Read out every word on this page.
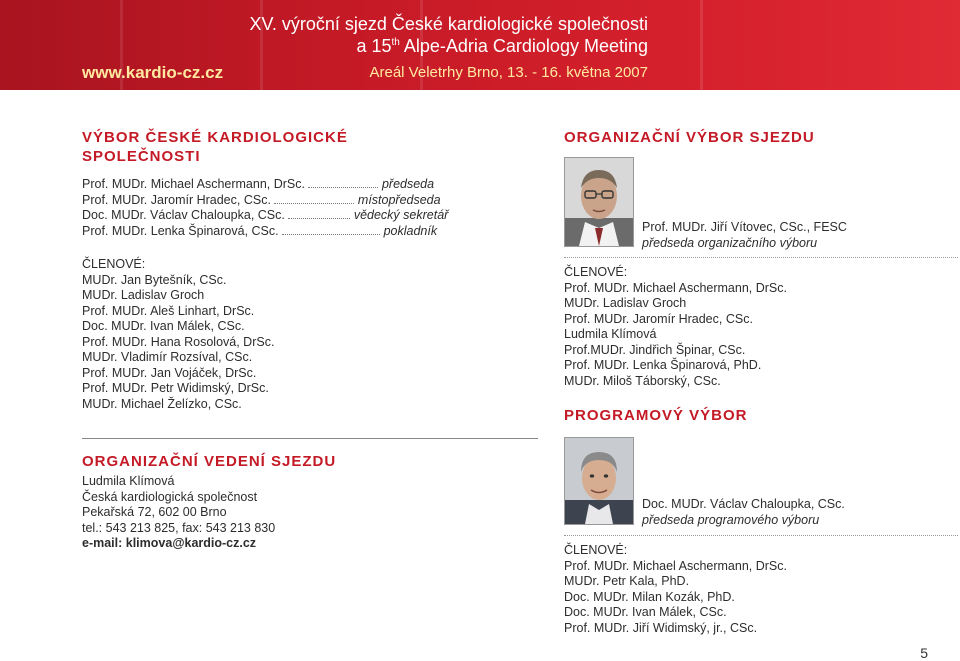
XV. výroční sjezd České kardiologické společnosti
a 15th Alpe-Adria Cardiology Meeting
www.kardio-cz.cz	Areál Veletrhy Brno, 13. - 16. května 2007
VÝBOR ČESKÉ KARDIOLOGICKÉ
SPOLEČNOSTI
Prof. MUDr. Michael Aschermann, DrSc.	předseda
Prof. MUDr. Jaromír Hradec, CSc.	místopředseda
Doc. MUDr. Václav Chaloupka, CSc.	vědecký sekretář
Prof. MUDr. Lenka Špinarová, CSc.	pokladník
ČLENOVÉ:
MUDr. Jan Bytešník, CSc.
MUDr. Ladislav Groch
Prof. MUDr. Aleš Linhart, DrSc.
Doc. MUDr. Ivan Málek, CSc.
Prof. MUDr. Hana Rosolová, DrSc.
MUDr. Vladimír Rozsíval, CSc.
Prof. MUDr. Jan Vojáček, DrSc.
Prof. MUDr. Petr Widimský, DrSc.
MUDr. Michael Želízko, CSc.
ORGANIZAČNÍ VEDENÍ SJEZDU
Ludmila Klímová
Česká kardiologická společnost
Pekařská 72, 602 00 Brno
tel.: 543 213 825, fax: 543 213 830
e-mail: klimova@kardio-cz.cz
ORGANIZAČNÍ VÝBOR SJEZDU
Prof. MUDr. Jiří Vítovec, CSc., FESC
předseda organizačního výboru
ČLENOVÉ:
Prof. MUDr. Michael Aschermann, DrSc.
MUDr. Ladislav Groch
Prof. MUDr. Jaromír Hradec, CSc.
Ludmila Klímová
Prof.MUDr. Jindřich Špinar, CSc.
Prof. MUDr. Lenka Špinarová, PhD.
MUDr. Miloš Táborský, CSc.
PROGRAMOVÝ VÝBOR
Doc. MUDr. Václav Chaloupka, CSc.
předseda programového výboru
ČLENOVÉ:
Prof. MUDr. Michael Aschermann, DrSc.
MUDr. Petr Kala, PhD.
Doc. MUDr. Milan Kozák, PhD.
Doc. MUDr. Ivan Málek, CSc.
Prof. MUDr. Jiří Widimský, jr., CSc.
5
